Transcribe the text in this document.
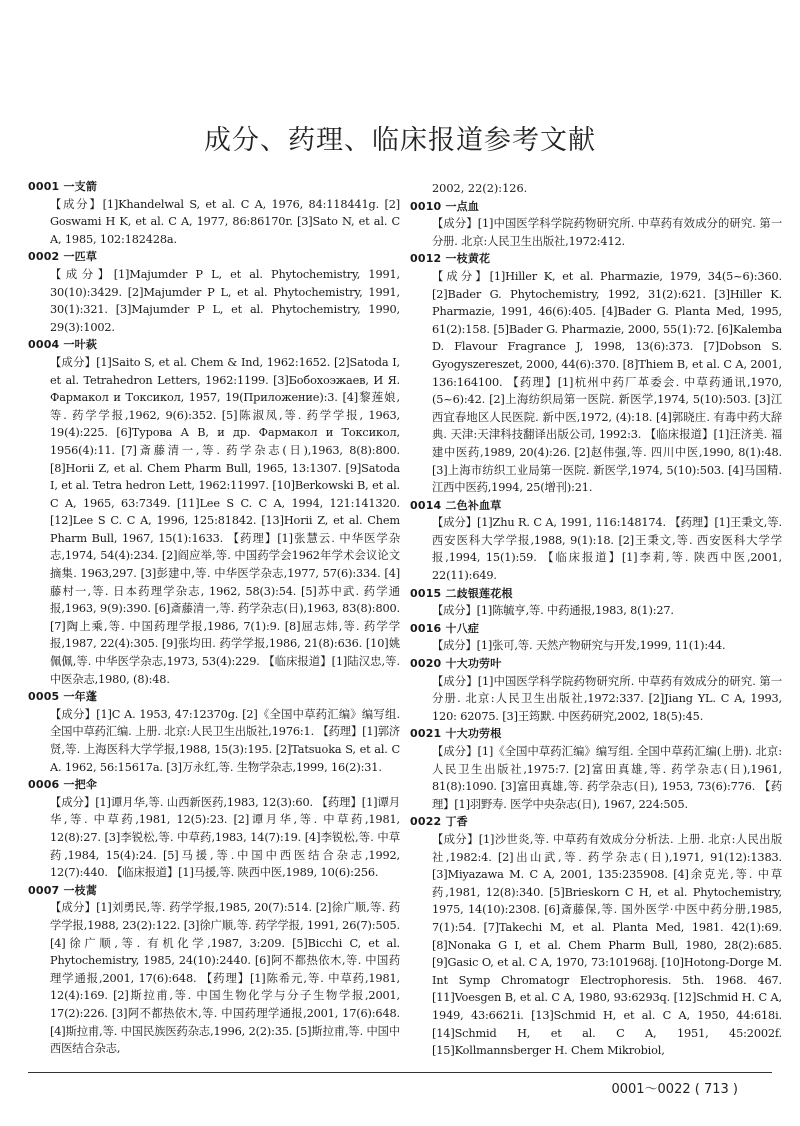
成分、药理、临床报道参考文献
0001 一支箭
【成分】[1]Khandelwal S, et al. C A, 1976, 84:118441g. [2] Goswami H K, et al. C A, 1977, 86:86170r. [3]Sato N, et al. C A, 1985, 102:182428a.
0002 一匹草
【成分】[1]Majumder P L, et al. Phytochemistry, 1991, 30(10):3429. [2]Majumder P L, et al. Phytochemistry, 1991, 30(1):321. [3]Majumder P L, et al. Phytochemistry, 1990, 29(3):1002.
0004 一叶萩
【成分】[1]Saito S, et al. Chem & Ind, 1962:1652. [2]Satoda I, et al. Tetrahedron Letters, 1962:1199. [3]Бобохоэжаев, И Я. Фармакол и Токсикол, 1957, 19(Приложение):3. [4]黎莲娘,等. 药学学报,1962, 9(6):352. [5]陈淑凤,等. 药学学报, 1963, 19(4):225. [6]Турова А В, и др. Фармакол и Токсикол, 1956(4):11. [7]斎藤清一,等. 药学杂志(日),1963, 8(8):800. [8]Horii Z, et al. Chem Pharm Bull, 1965, 13:1307. [9]Satoda I, et al. Tetra hedron Lett, 1962:11997. [10]Berkowski B, et al. C A, 1965, 63:7349. [11]Lee S C. C A, 1994, 121:141320. [12]Lee S C. C A, 1996, 125:81842. [13]Horii Z, et al. Chem Pharm Bull, 1967, 15(1):1633. 【药理】[1]张慧云. 中华医学杂志,1974, 54(4):234. [2]阎应举,等. 中国药学会1962年学术会议论文摘集. 1963,297. [3]彭建中,等. 中华医学杂志,1977, 57(6):334. [4]藤村一,等. 日本药理学杂志, 1962, 58(3):54. [5]苏中武. 药学通报,1963, 9(9):390. [6]斎藤清一,等. 药学杂志(日),1963, 83(8):800. [7]陶上乘,等. 中国药理学报,1986, 7(1):9. [8]屈志炜,等. 药学学报,1987, 22(4):305. [9]张均田. 药学学报,1986, 21(8):636. [10]姚佩佩,等. 中华医学杂志,1973, 53(4):229. 【临床报道】[1]陆汉忠,等. 中医杂志,1980, (8):48.
0005 一年蓬
【成分】[1]C A. 1953, 47:12370g. [2]《全国中草药汇编》编写组. 全国中草药汇编. 上册. 北京:人民卫生出版社,1976:1. 【药理】[1]郭济贤,等. 上海医科大学学报,1988, 15(3):195. [2]Tatsuoka S, et al. C A. 1962, 56:15617a. [3]万永红,等. 生物学杂志,1999, 16(2):31.
0006 一把伞
【成分】[1]谭月华,等. 山西新医药,1983, 12(3):60. 【药理】[1]谭月华,等. 中草药,1981, 12(5):23. [2]谭月华,等. 中草药,1981, 12(8):27. [3]李锐松,等. 中草药,1983, 14(7):19. [4]李锐松,等. 中草药,1984, 15(4):24. [5]马援,等.中国中西医结合杂志,1992, 12(7):440. 【临床报道】[1]马援,等. 陕西中医,1989, 10(6):256.
0007 一枝蒿
【成分】[1]刘勇民,等. 药学学报,1985, 20(7):514. [2]徐广顺,等. 药学学报,1988, 23(2):122. [3]徐广顺,等. 药学学报, 1991, 26(7):505. [4]徐广顺,等. 有机化学,1987, 3:209. [5]Bicchi C, et al. Phytochemistry, 1985, 24(10):2440. [6]阿不都热依木,等. 中国药理学通报,2001, 17(6):648. 【药理】[1]陈希元,等. 中草药,1981, 12(4):169. [2]斯拉甫,等. 中国生物化学与分子生物学报,2001, 17(2):226. [3]阿不都热依木,等. 中国药理学通报,2001, 17(6):648. [4]斯拉甫,等. 中国民族医药杂志,1996, 2(2):35. [5]斯拉甫,等. 中国中西医结合杂志,
2002, 22(2):126.
0010 一点血
【成分】[1]中国医学科学院药物研究所. 中草药有效成分的研究. 第一分册. 北京:人民卫生出版社,1972:412.
0012 一枝黄花
【成分】[1]Hiller K, et al. Pharmazie, 1979, 34(5~6):360. [2]Bader G. Phytochemistry, 1992, 31(2):621. [3]Hiller K. Pharmazie, 1991, 46(6):405. [4]Bader G. Planta Med, 1995, 61(2):158. [5]Bader G. Pharmazie, 2000, 55(1):72. [6]Kalemba D. Flavour Fragrance J, 1998, 13(6):373. [7]Dobson S. Gyogyszereszet, 2000, 44(6):370. [8]Thiem B, et al. C A, 2001, 136:164100. 【药理】[1]杭州中药厂革委会. 中草药通讯,1970, (5~6):42. [2]上海纺织局第一医院. 新医学,1974, 5(10):503. [3]江西宜春地区人民医院. 新中医,1972, (4):18. [4]郭晓庄. 有毒中药大辞典. 天津:天津科技翻译出版公司, 1992:3. 【临床报道】[1]汪济美. 福建中医药,1989, 20(4):26. [2]赵伟强,等. 四川中医,1990, 8(1):48. [3]上海市纺织工业局第一医院. 新医学,1974, 5(10):503. [4]马国精. 江西中医药,1994, 25(增刊):21.
0014 二色补血草
【成分】[1]Zhu R. C A, 1991, 116:148174. 【药理】[1]王秉文,等. 西安医科大学学报,1988, 9(1):18. [2]王秉文,等. 西安医科大学学报,1994, 15(1):59. 【临床报道】[1]李莉,等. 陕西中医,2001, 22(11):649.
0015 二歧银莲花根
【成分】[1]陈毓亨,等. 中药通报,1983, 8(1):27.
0016 十八症
【成分】[1]张可,等. 天然产物研究与开发,1999, 11(1):44.
0020 十大功劳叶
【成分】[1]中国医学科学院药物研究所. 中草药有效成分的研究. 第一分册. 北京:人民卫生出版社,1972:337. [2]Jiang YL. C A, 1993, 120: 62075. [3]王筠默. 中医药研究,2002, 18(5):45.
0021 十大功劳根
【成分】[1]《全国中草药汇编》编写组. 全国中草药汇编(上册). 北京:人民卫生出版社,1975:7. [2]富田真雄,等. 药学杂志(日),1961, 81(8):1090. [3]富田真雄,等. 药学杂志(日), 1953, 73(6):776. 【药理】[1]羽野寿. 医学中央杂志(日), 1967, 224:505.
0022 丁香
【成分】[1]沙世炎,等. 中草药有效成分分析法. 上册. 北京:人民出版社,1982:4. [2]出山武,等. 药学杂志(日),1971, 91(12):1383. [3]Miyazawa M. C A, 2001, 135:235908. [4]余克光,等. 中草药,1981, 12(8):340. [5]Brieskorn C H, et al. Phytochemistry, 1975, 14(10):2308. [6]斎藤保,等. 国外医学·中医中药分册,1985, 7(1):54. [7]Takechi M, et al. Planta Med, 1981. 42(1):69. [8]Nonaka G I, et al. Chem Pharm Bull, 1980, 28(2):685. [9]Gasic O, et al. C A, 1970, 73:101968j. [10]Hotong-Dorge M. Int Symp Chromatogr Electrophoresis. 5th. 1968. 467. [11]Voesgen B, et al. C A, 1980, 93:6293q. [12]Schmid H. C A, 1949, 43:6621i. [13]Schmid H, et al. C A, 1950, 44:618i. [14]Schmid H, et al. C A, 1951, 45:2002f. [15]Kollmannsberger H. Chem Mikrobiol,
0001～0022 ( 713 )
